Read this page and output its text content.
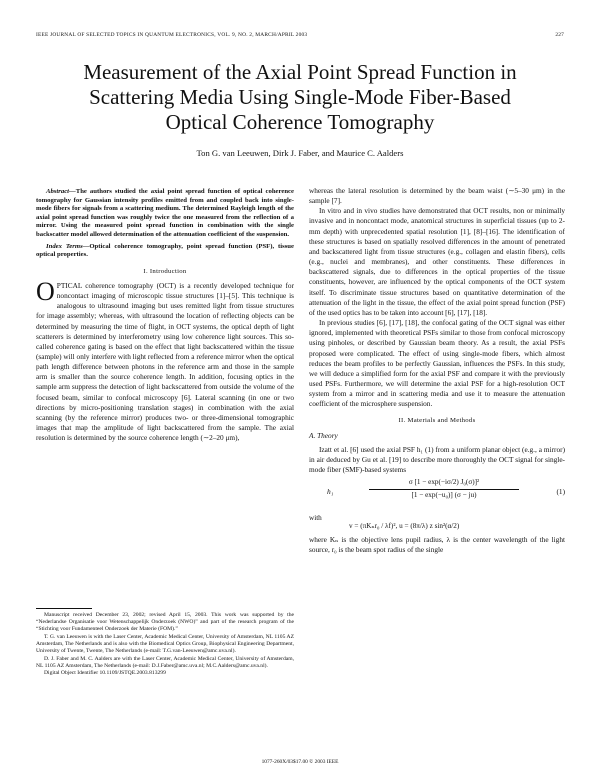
IEEE JOURNAL OF SELECTED TOPICS IN QUANTUM ELECTRONICS, VOL. 9, NO. 2, MARCH/APRIL 2003	227
Measurement of the Axial Point Spread Function in
Scattering Media Using Single-Mode Fiber-Based
Optical Coherence Tomography
Ton G. van Leeuwen, Dirk J. Faber, and Maurice C. Aalders

Abstract—The authors studied the axial point spread function of optical coherence tomography for Gaussian intensity profiles emitted from and coupled back into single-mode fibers for signals from a scattering medium. The determined Rayleigh length of the axial point spread function was roughly twice the one measured from the reflection of a mirror. Using the measured point spread function in combination with the single backscatter model allowed determination of the attenuation coefficient of the suspension.

Index Terms—Optical coherence tomography, point spread function (PSF), tissue optical properties.

I. Introduction

OPTICAL coherence tomography (OCT) is a recently developed technique for noncontact imaging of microscopic tissue structures [1]–[5]. This technique is analogous to ultrasound imaging but uses remitted light from tissue structures for image assembly; whereas, with ultrasound the location of reflecting objects can be determined by measuring the time of flight, in OCT systems, the optical depth of light scatterers is determined by interferometry using low coherence light sources. This so-called coherence gating is based on the effect that light backscattered within the tissue (sample) will only interfere with light reflected from a reference mirror when the optical path length difference between photons in the reference arm and those in the sample arm is smaller than the source coherence length. In addition, focusing optics in the sample arm suppress the detection of light backscattered from outside the volume of the focused beam, similar to confocal microscopy [6]. Lateral scanning (in one or two directions by micro-positioning translation stages) in combination with the axial scanning (by the reference mirror) produces two- or three-dimensional tomographic images that map the amplitude of light backscattered from the sample. The axial resolution is determined by the source coherence length (∼2–20 μm),

Manuscript received December 23, 2002; revised April 15, 2003. This work was supported by the “Nederlandse Organisatie voor Wetenschappelijk Onderzoek (NWO)” and part of the research program of the “Stichting voor Fundamenteel Onderzoek der Materie (FOM).”

T. G. van Leeuwen is with the Laser Center, Academic Medical Center, University of Amsterdam, NL 1105 AZ Amsterdam, The Netherlands and is also with the Biomedical Optics Group, Biophysical Engineering Department, University of Twente, Twente, The Netherlands (e-mail: T.G.van-Leeuwen@amc.uva.nl).

D. J. Faber and M. C. Aalders are with the Laser Center, Academic Medical Center, University of Amsterdam, NL 1105 AZ Amsterdam, The Netherlands (e-mail: D.J.Faber@amc.uva.nl; M.C.Aalders@amc.uva.nl).

Digital Object Identifier 10.1109/JSTQE.2003.813299

whereas the lateral resolution is determined by the beam waist (∼5–30 μm) in the sample [7].

In vitro and in vivo studies have demonstrated that OCT results, non or minimally invasive and in noncontact mode, anatomical structures in superficial tissues (up to 2-mm depth) with unprecedented spatial resolution [1], [8]–[16]. The identification of these structures is based on spatially resolved differences in the amount of penetrated and backscattered light from tissue structures (e.g., collagen and elastin fibers), cells (e.g., nuclei and membranes), and other constituents. These differences in backscattered signals, due to differences in the optical properties of the tissue constituents, however, are influenced by the optical components of the OCT system itself. To discriminate tissue structures based on quantitative determination of the attenuation of the light in the tissue, the effect of the axial point spread function (PSF) of the used optics has to be taken into account [6], [17], [18].

In previous studies [6], [17], [18], the confocal gating of the OCT signal was either ignored, implemented with theoretical PSFs similar to those from confocal microscopy using pinholes, or described by Gaussian beam theory. As a result, the axial PSFs proposed were complicated. The effect of using single-mode fibers, which almost reduces the beam profiles to be perfectly Gaussian, influences the PSFs. In this study, we will deduce a simplified form for the axial PSF and compare it with the previously used PSFs. Furthermore, we will determine the axial PSF for a high-resolution OCT system from a mirror and in scattering media and use it to measure the attenuation coefficient of the microsphere suspension.

II. Materials and Methods

A. Theory

Izatt et al. [6] used the axial PSF h₁ (1) from a uniform planar object (e.g., a mirror) in air deduced by Gu et al. [19] to describe more thoroughly the OCT signal for single-mode fiber (SMF)-based systems

h₁	$\frac{\text{σ [1 − exp(−iσ/2) J₀(σ)]²}}{\text{[1 − exp(−u₀)] (σ − ju)}}$	(1)
with
v = (πKₙr₀ / λf)², u = (8π/λ) z sin²(α/2)

where Kₙ is the objective lens pupil radius, λ is the center wavelength of the light source, r₀ is the beam spot radius of the single

1077-260X/03$17.00 © 2003 IEEE
